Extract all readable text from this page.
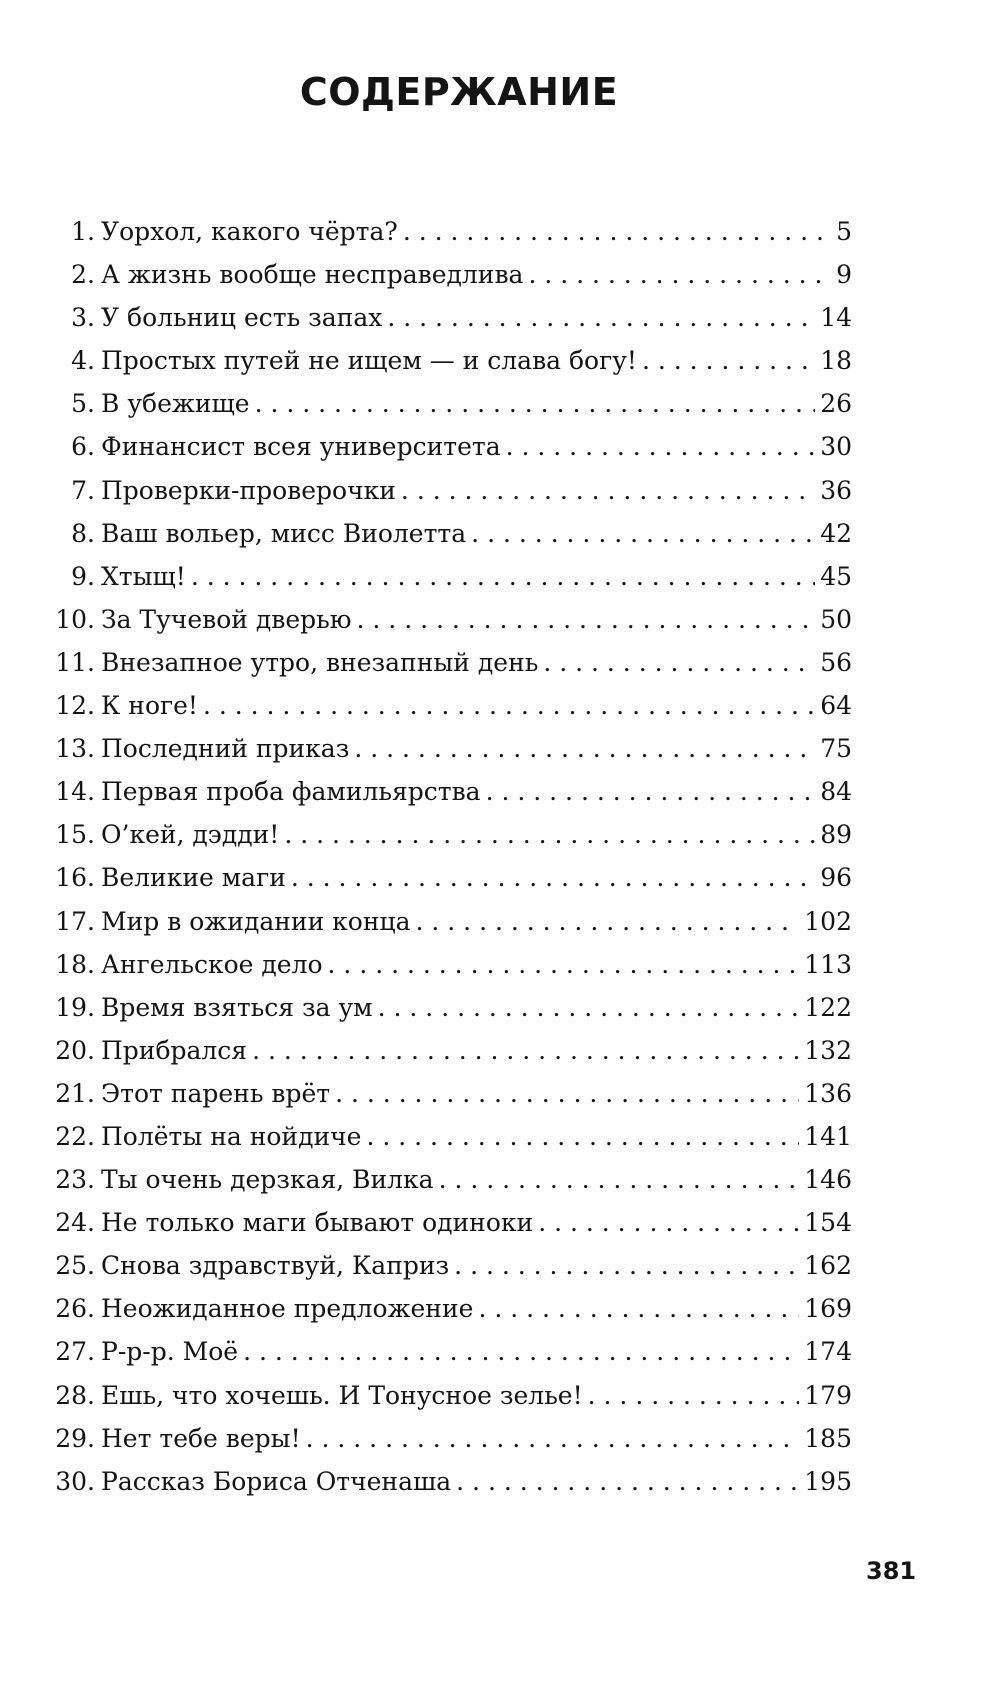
СОДЕРЖАНИЕ
1. Уорхол, какого чёрта? . . .	5
2. А жизнь вообще несправедлива . . .	9
3. У больниц есть запах . . .	14
4. Простых путей не ищем — и слава богу! . . .	18
5. В убежище . . .	26
6. Финансист всея университета . . .	30
7. Проверки-проверочки . . .	36
8. Ваш вольер, мисс Виолетта . . .	42
9. Хтыщ! . . .	45
10. За Тучевой дверью . . .	50
11. Внезапное утро, внезапный день . . .	56
12. К ноге! . . .	64
13. Последний приказ . . .	75
14. Первая проба фамильярства . . .	84
15. О’кей, дэдди! . . .	89
16. Великие маги . . .	96
17. Мир в ожидании конца . . .	102
18. Ангельское дело . . .	113
19. Время взяться за ум . . .	122
20. Прибрался . . .	132
21. Этот парень врёт . . .	136
22. Полёты на нойдиче . . .	141
23. Ты очень дерзкая, Вилка . . .	146
24. Не только маги бывают одиноки . . .	154
25. Снова здравствуй, Каприз . . .	162
26. Неожиданное предложение . . .	169
27. Р-р-р. Моё . . .	174
28. Ешь, что хочешь. И Тонусное зелье! . . .	179
29. Нет тебе веры! . . .	185
30. Рассказ Бориса Отченаша . . .	195
381
